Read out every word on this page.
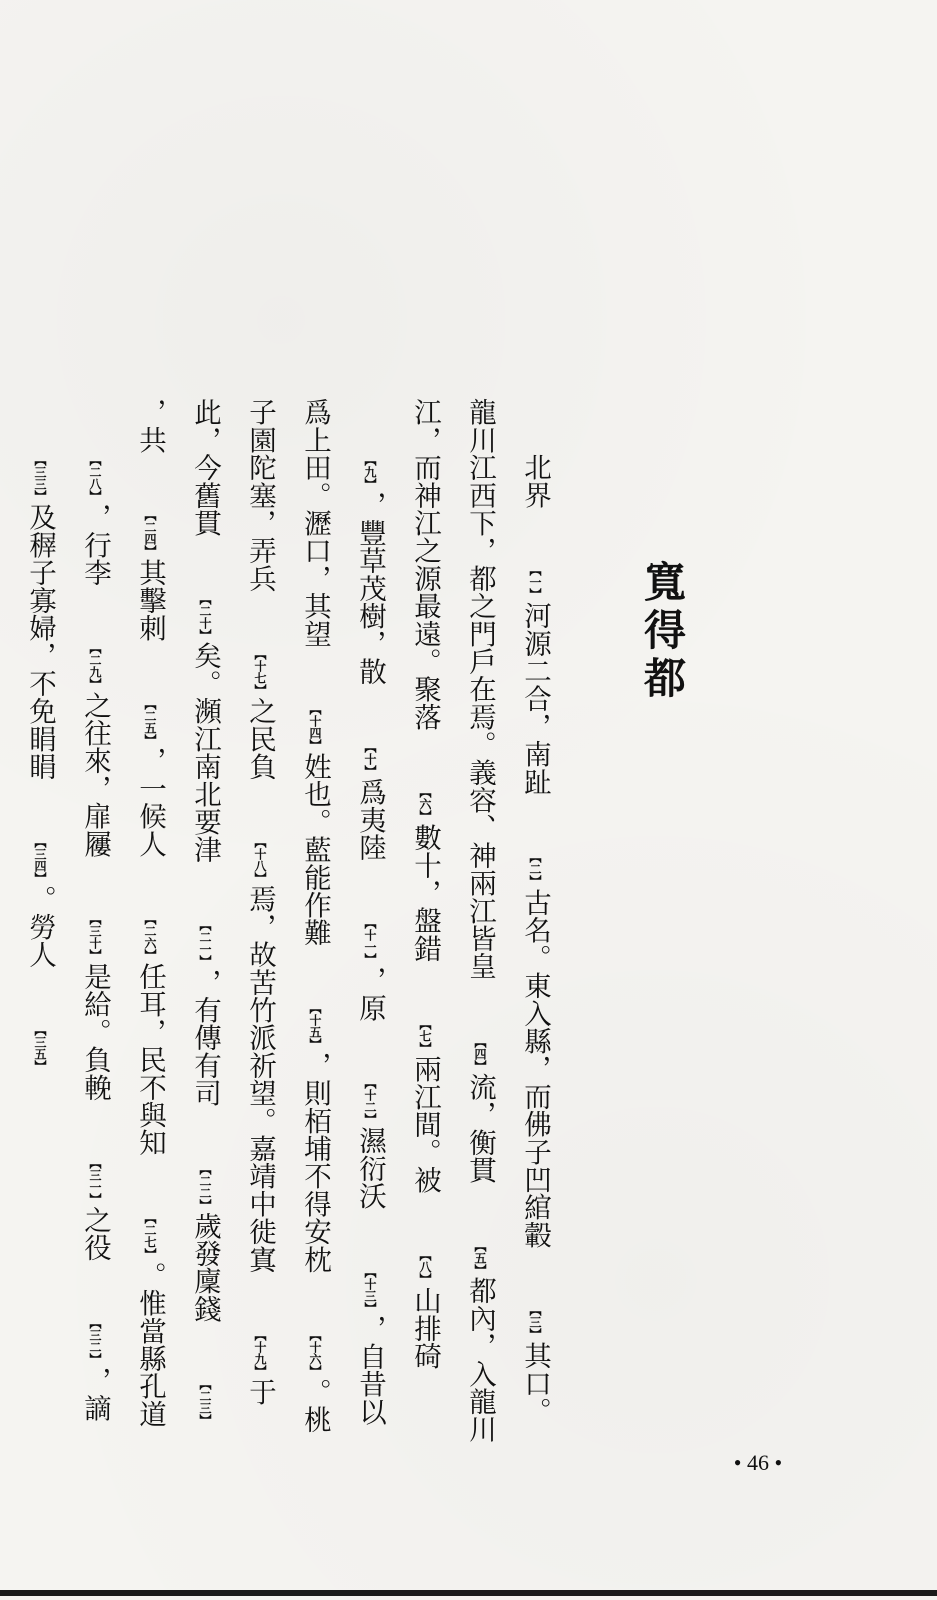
寬得都

北界【一】河源二合，南趾【二】古名。東入縣，而佛子凹綰轂【三】其口。龍川江西下，都之門戶在焉。義容、神兩江皆皇【四】流，衡貫【五】都內，入龍川江，而神江之源最遠。聚落【六】數十，盤錯【七】兩江間。被【八】山排碕【九】，豐草茂樹，散【十】爲夷陸【十一】，原【十二】濕衍沃【十三】，自昔以爲上田。瀝口，其望【十四】姓也。藍能作難【十五】，則栢埔不得安枕【十六】。桃子園陀塞，弄兵【十七】之民負【十八】焉，故苦竹派祈望。嘉靖中徙寘【十九】于此，今舊貫【二十】矣。瀕江南北要津【二一】，有傳有司【二二】歲發廩錢【二三】，共【二四】其擊刺【二五】，一候人【二六】任耳，民不與知【二七】。惟當縣孔道【二八】，行李【二九】之往來，扉屨【三十】是給。負輓【三一】之役【三二】，謫【三三】及稺子寡婦，不免睊睊【三四】。勞人【三五】

• 46 •
